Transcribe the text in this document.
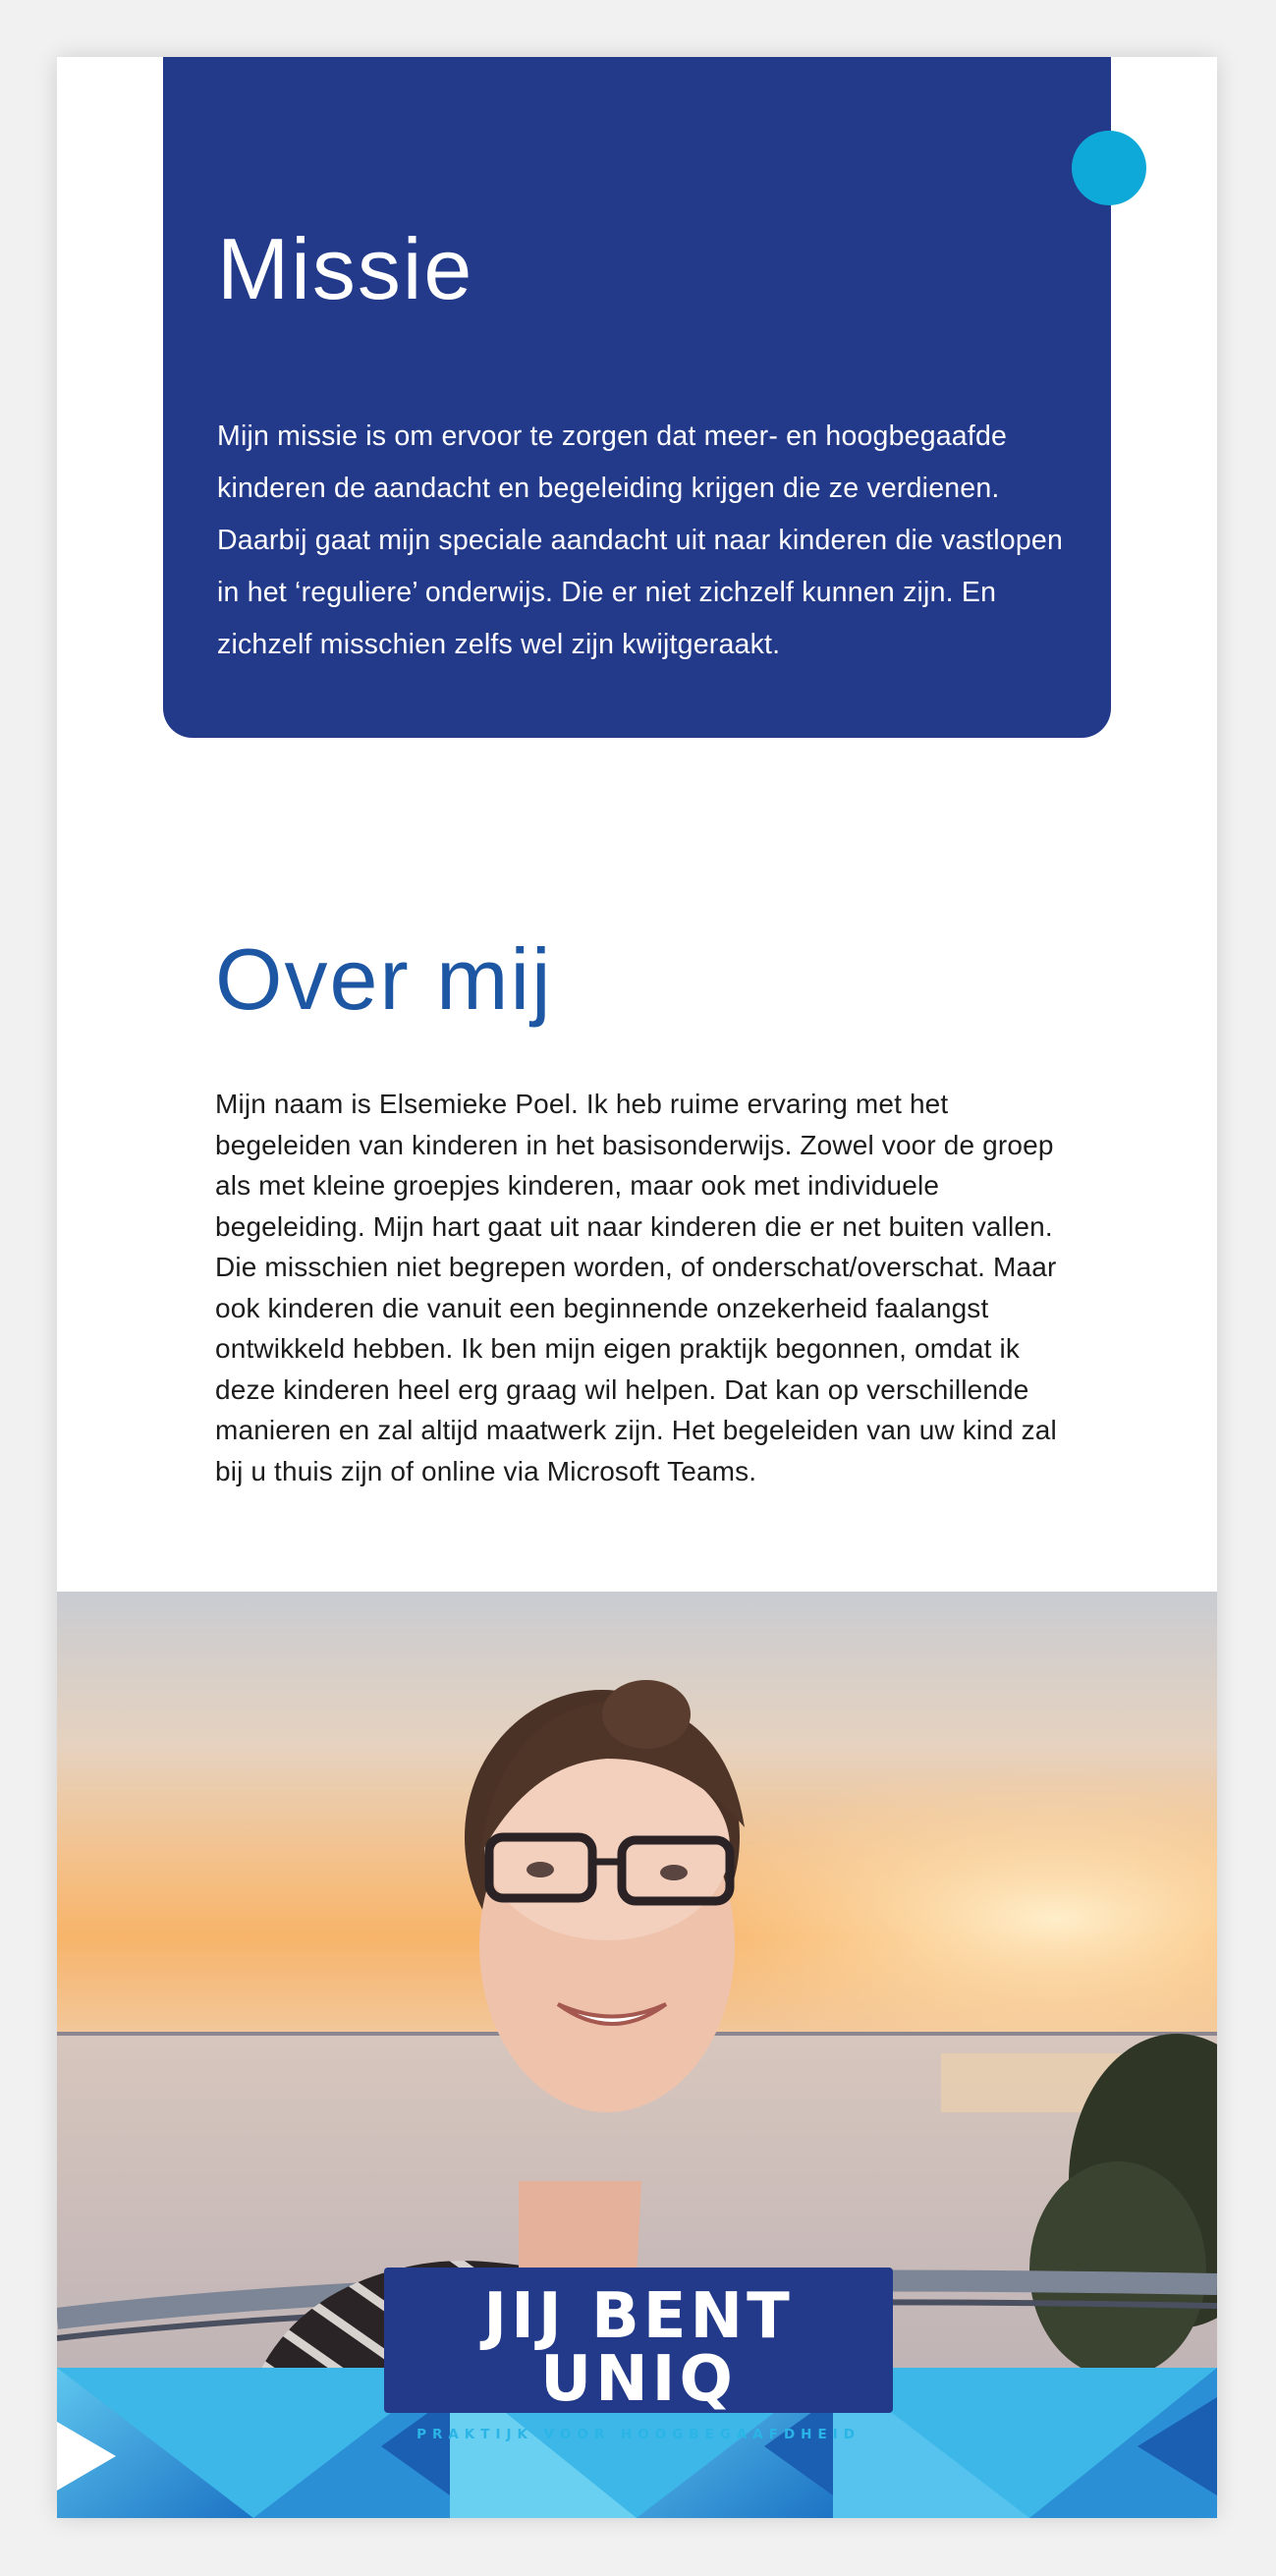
Missie

Mijn missie is om ervoor te zorgen dat meer- en hoogbegaafde kinderen de aandacht en begeleiding krijgen die ze verdienen. Daarbij gaat mijn speciale aandacht uit naar kinderen die vastlopen in het ‘reguliere’ onderwijs. Die er niet zichzelf kunnen zijn. En zichzelf misschien zelfs wel zijn kwijtgeraakt.

Over mij

Mijn naam is Elsemieke Poel. Ik heb ruime ervaring met het begeleiden van kinderen in het basisonderwijs. Zowel voor de groep als met kleine groepjes kinderen, maar ook met individuele begeleiding. Mijn hart gaat uit naar kinderen die er net buiten vallen. Die misschien niet begrepen worden, of onderschat/overschat. Maar ook kinderen die vanuit een beginnende onzekerheid faalangst ontwikkeld hebben. Ik ben mijn eigen praktijk begonnen, omdat ik deze kinderen heel erg graag wil helpen. Dat kan op verschillende manieren en zal altijd maatwerk zijn. Het begeleiden van uw kind zal bij u thuis zijn of online via Microsoft Teams.

JIJ BENT UNIQ
PRAKTIJK VOOR HOOGBEGAAFDHEID
